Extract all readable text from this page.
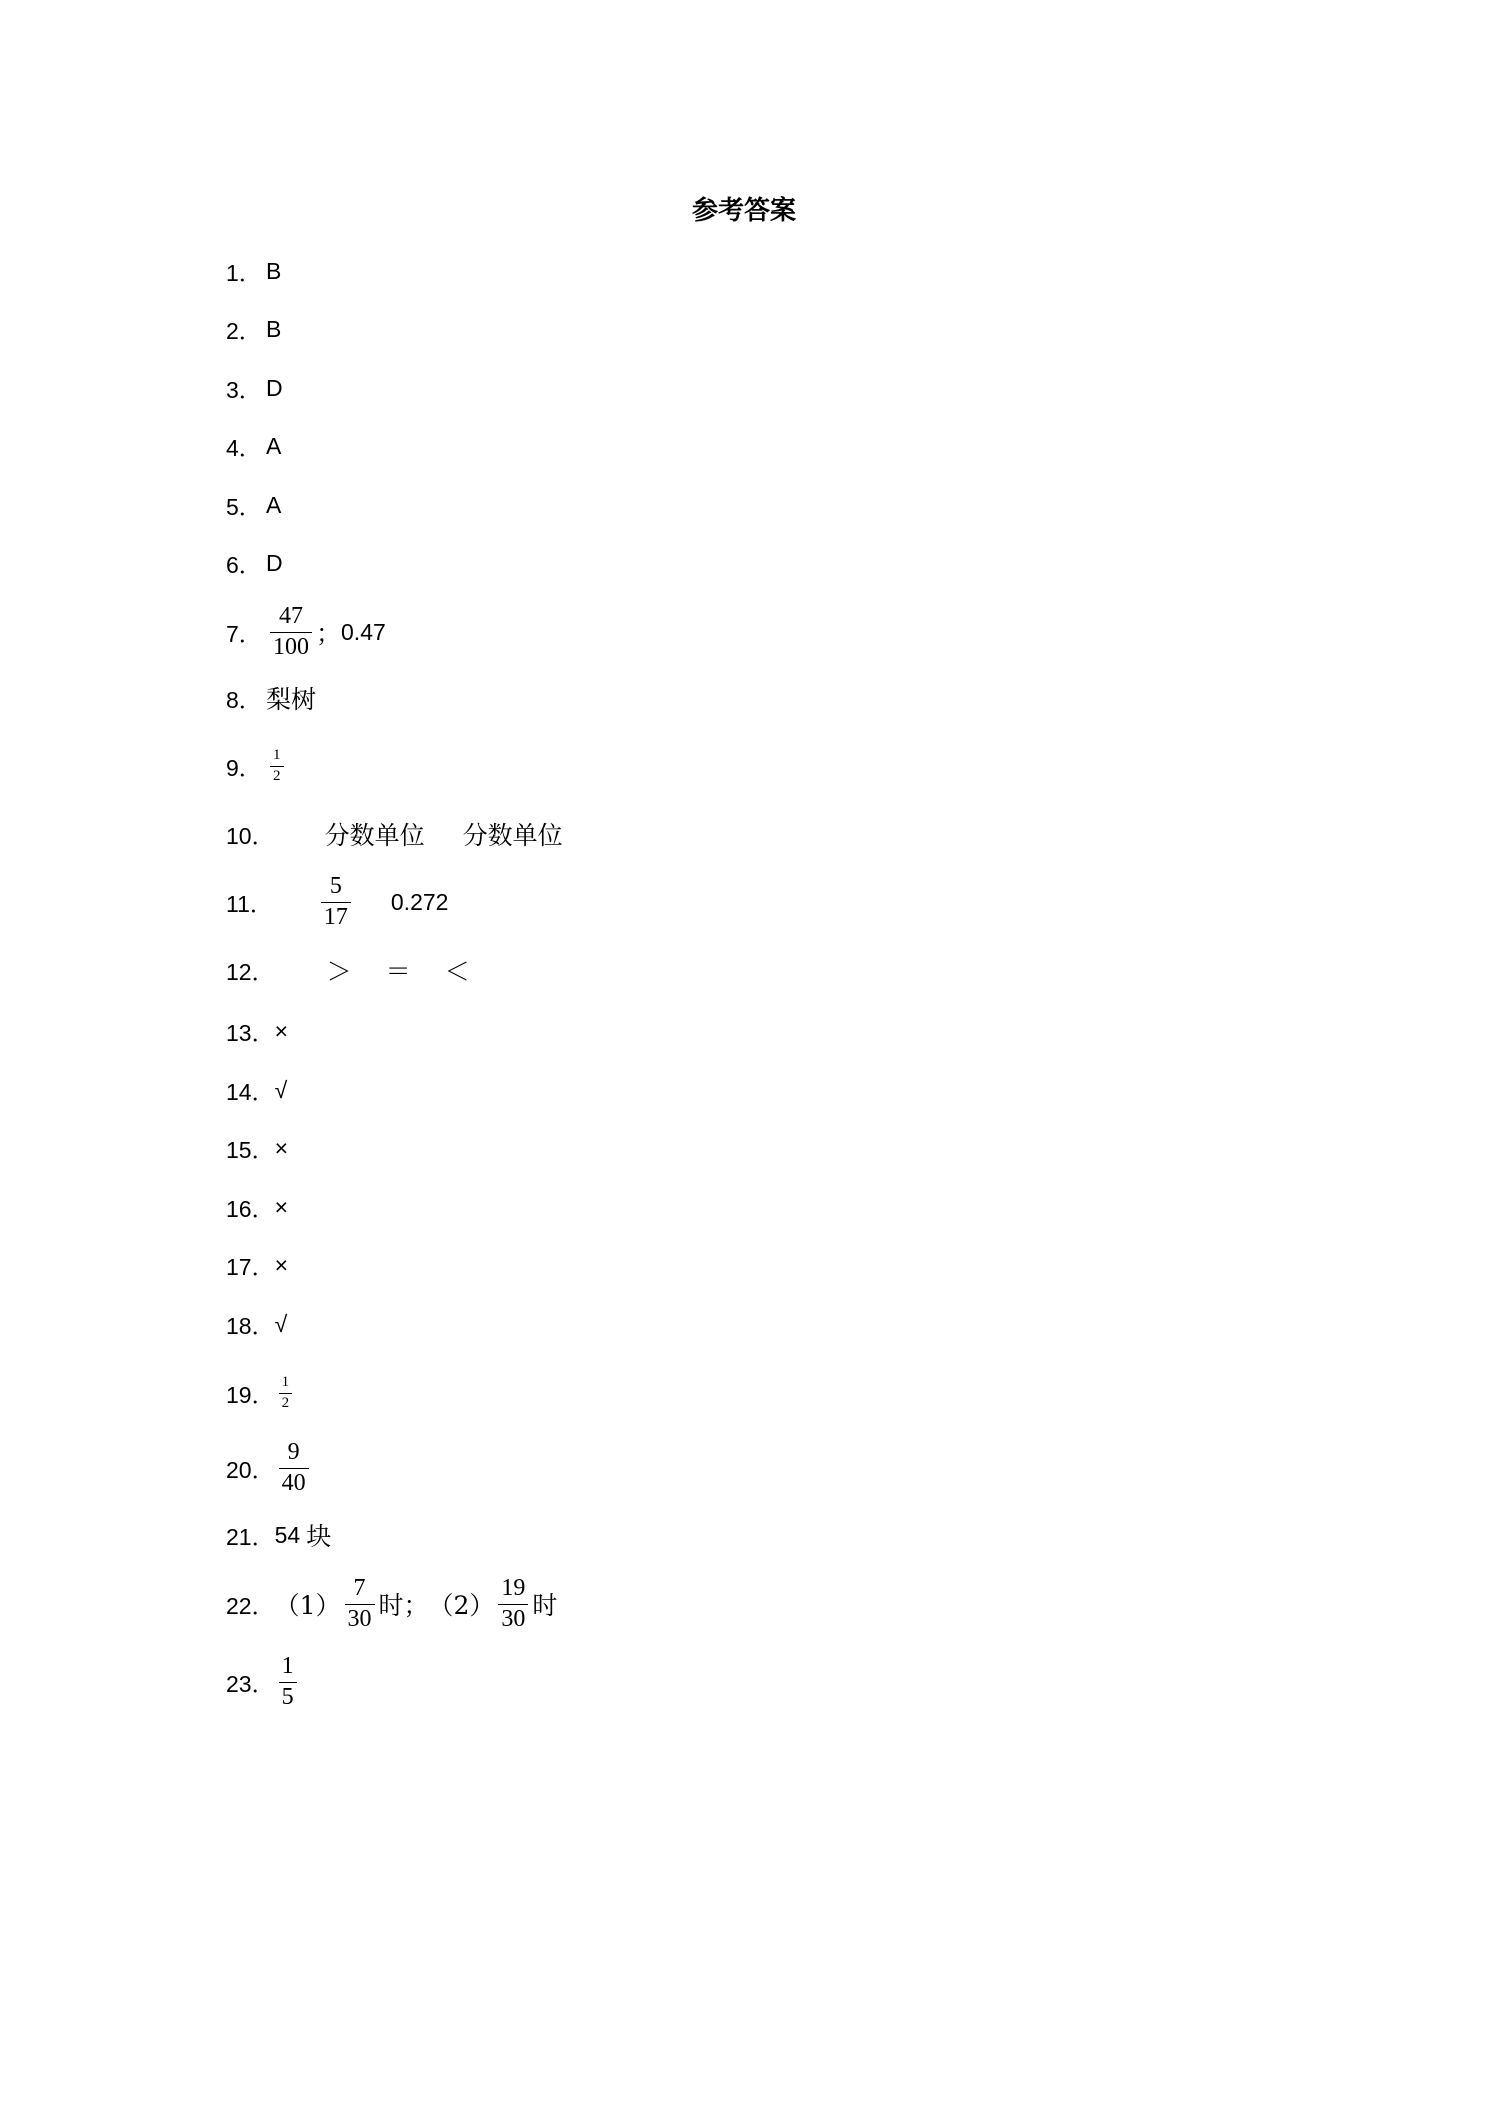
参考答案
1． B
2． B
3． D
4． A
5． A
6． D
7． $\frac{47}{100}$ ； 0.47
8． 梨树
9． $\frac{1}{2}$
10． 分数单位 分数单位
11． $\frac{5}{17} 0.272$
12． ＞ ＝ ＜
13． ×
14． √
15． ×
16． ×
17． ×
18． √
19． $\frac{1}{2}$
20． $\frac{9}{40}$
21． 54 块
22． $(1) \frac{7}{30}$ 时； $(2) \frac{19}{30}$ 时
23． $\frac{1}{5}$
